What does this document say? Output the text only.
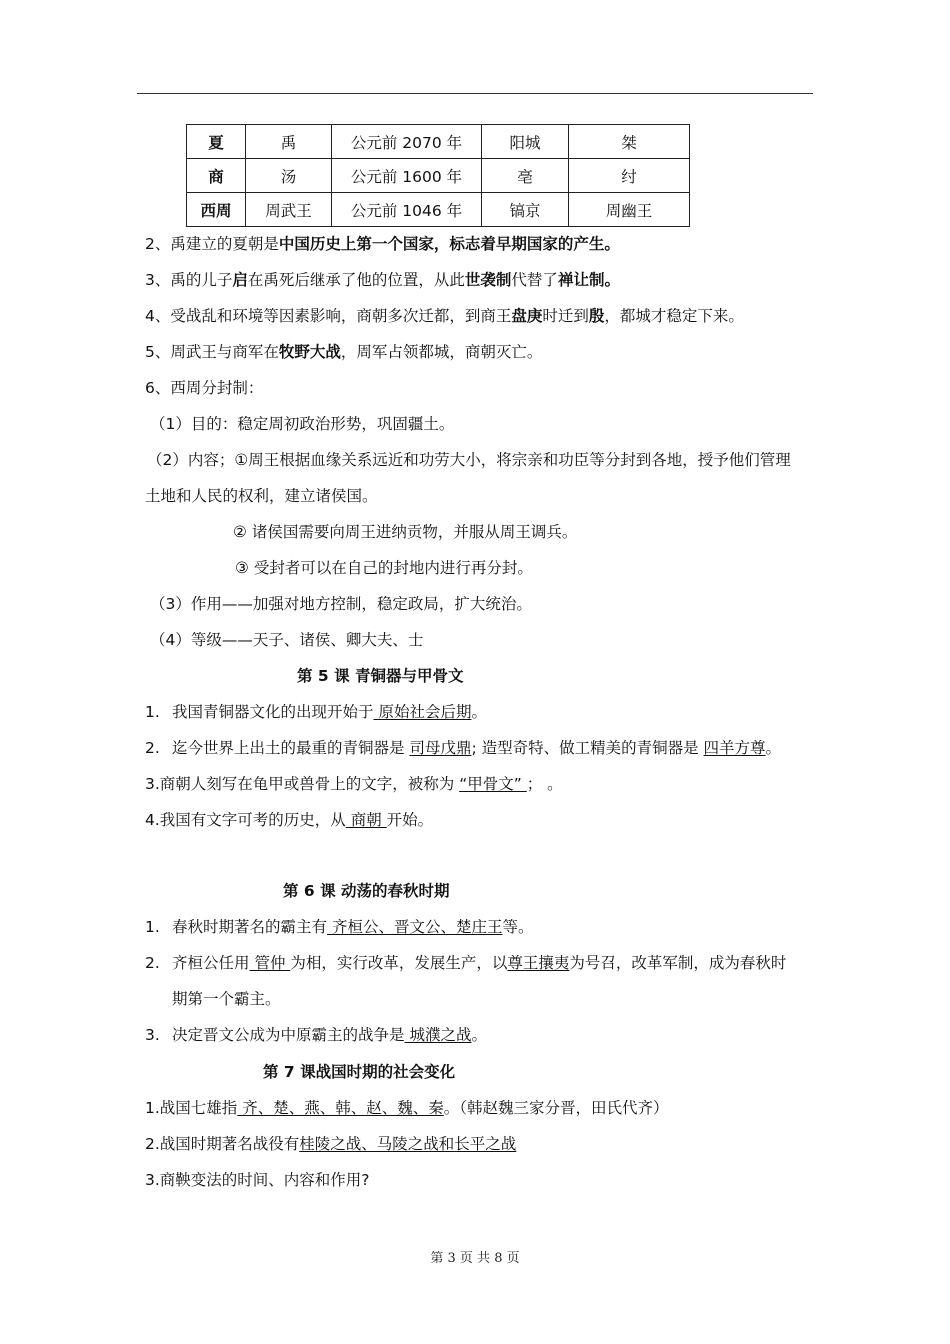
夏	禹	公元前 2070 年	阳城	桀
商	汤	公元前 1600 年	亳	纣
西周	周武王	公元前 1046 年	镐京	周幽王
2、禹建立的夏朝是中国历史上第一个国家，标志着早期国家的产生。
3、禹的儿子启在禹死后继承了他的位置，从此世袭制代替了禅让制。
4、受战乱和环境等因素影响，商朝多次迁都，到商王盘庚时迁到殷，都城才稳定下来。
5、周武王与商军在牧野大战，周军占领都城，商朝灭亡。
6、西周分封制：
（1）目的：稳定周初政治形势，巩固疆土。
（2）内容；①周王根据血缘关系远近和功劳大小，将宗亲和功臣等分封到各地，授予他们管理
土地和人民的权利，建立诸侯国。
② 诸侯国需要向周王进纳贡物，并服从周王调兵。
③ 受封者可以在自己的封地内进行再分封。
（3）作用——加强对地方控制，稳定政局，扩大统治。
（4）等级——天子、诸侯、卿大夫、士
第 5 课 青铜器与甲骨文
1. 我国青铜器文化的出现开始于 原始社会后期。
2. 迄今世界上出土的最重的青铜器是 司母戊鼎; 造型奇特、做工精美的青铜器是 四羊方尊。
3.商朝人刻写在龟甲或兽骨上的文字，被称为 “甲骨文” ； 。
4.我国有文字可考的历史，从 商朝 开始。
第 6 课 动荡的春秋时期
1. 春秋时期著名的霸主有 齐桓公、晋文公、楚庄王等。
2. 齐桓公任用 管仲 为相，实行改革，发展生产，以尊王攘夷为号召，改革军制，成为春秋时
期第一个霸主。
3. 决定晋文公成为中原霸主的战争是 城濮之战。
第 7 课战国时期的社会变化
1.战国七雄指 齐、楚、燕、韩、赵、魏、秦。（韩赵魏三家分晋，田氏代齐）
2.战国时期著名战役有桂陵之战、马陵之战和长平之战
3.商鞅变法的时间、内容和作用?
第 3 页 共 8 页
